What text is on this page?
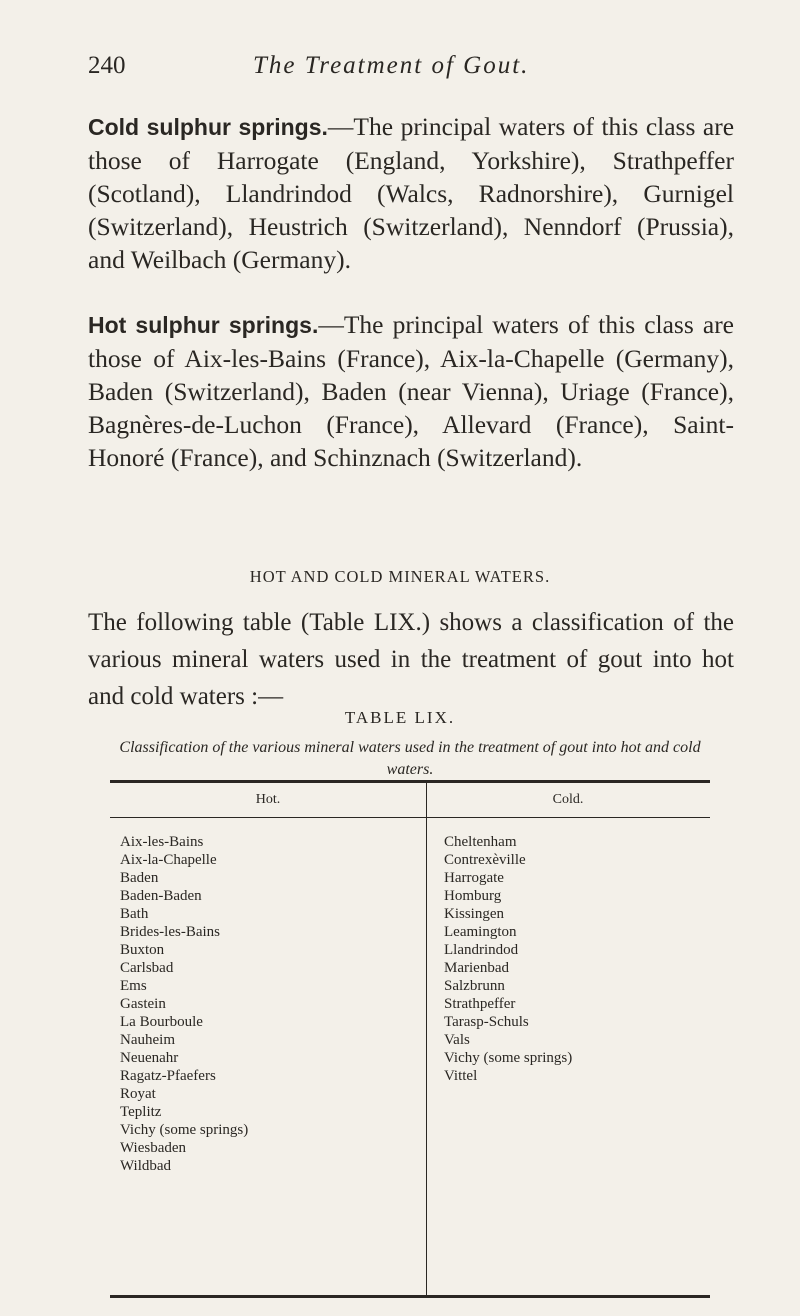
240	The Treatment of Gout.

Cold sulphur springs.—The principal waters of this class are those of Harrogate (England, Yorkshire), Strathpeffer (Scotland), Llandrindod (Walcs, Radnorshire), Gurnigel (Switzerland), Heustrich (Switzerland), Nenndorf (Prussia), and Weilbach (Germany).

Hot sulphur springs.—The principal waters of this class are those of Aix-les-Bains (France), Aix-la-Chapelle (Germany), Baden (Switzerland), Baden (near Vienna), Uriage (France), Bagnères-de-Luchon (France), Allevard (France), Saint-Honoré (France), and Schinznach (Switzerland).

HOT AND COLD MINERAL WATERS.

The following table (Table LIX.) shows a classification of the various mineral waters used in the treatment of gout into hot and cold waters :—

TABLE LIX.
Classification of the various mineral waters used in the treatment of gout into hot and cold waters.
Hot.	Cold.
Aix-les-Bains
Aix-la-Chapelle
Baden
Baden-Baden
Bath
Brides-les-Bains
Buxton
Carlsbad
Ems
Gastein
La Bourboule
Nauheim
Neuenahr
Ragatz-Pfaefers
Royat
Teplitz
Vichy (some springs)
Wiesbaden
Wildbad
Cheltenham
Contrexèville
Harrogate
Homburg
Kissingen
Leamington
Llandrindod
Marienbad
Salzbrunn
Strathpeffer
Tarasp-Schuls
Vals
Vichy (some springs)
Vittel
